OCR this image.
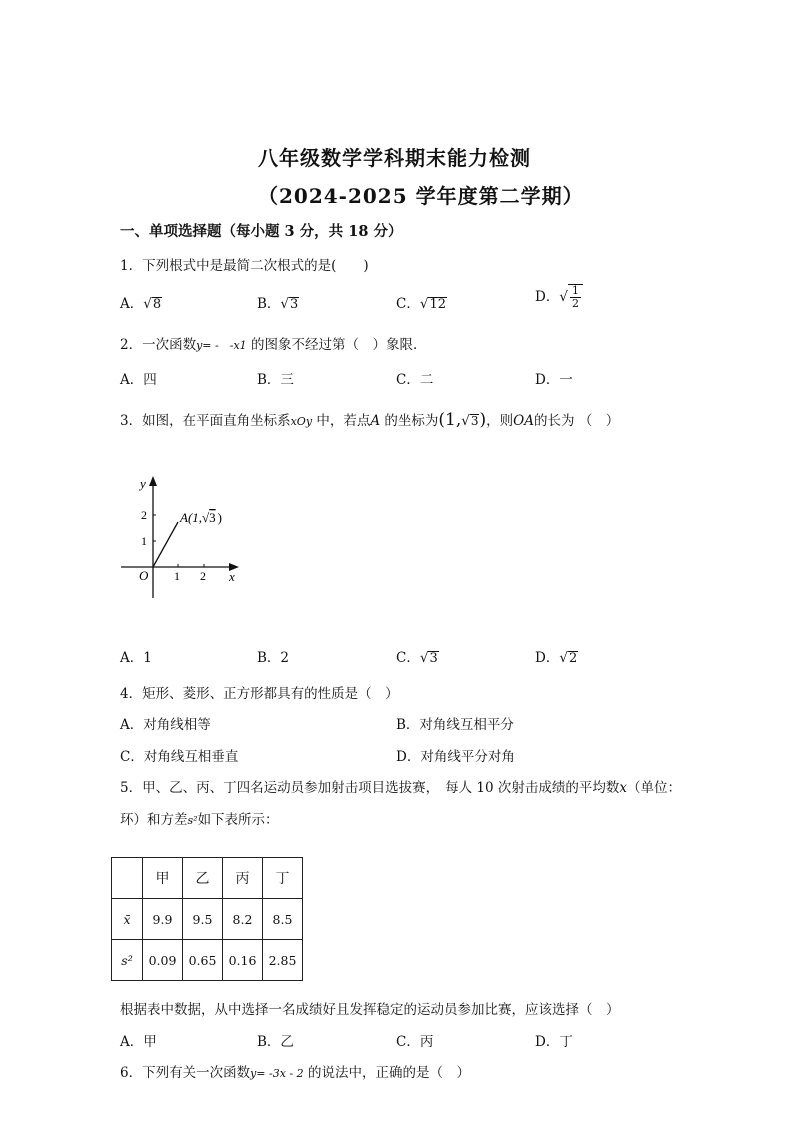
八年级数学学科期末能力检测
（2024-2025 学年度第二学期）
一、单项选择题（每小题 3 分，共 18 分）
1．下列根式中是最简二次根式的是(　　)
A．√8	B．√3	C．√12	D．√ $\frac{1}{2}$
2．一次函数y= -　-x1 的图象不经过第（　）象限．
A．四	B．三	C．二	D．一
3．如图，在平面直角坐标系xOy 中，若点A 的坐标为(1,√3)，则OA的长为 （　）
y
x
O 1 2
1
2	A(1,√3 )
A．1	B．2	C．√3	D．√2
4．矩形、菱形、正方形都具有的性质是（　）
A．对角线相等	B．对角线互相平分
C．对角线互相垂直	D．对角线平分对角
5．甲、乙、丙、丁四名运动员参加射击项目选拔赛， 每人 10 次射击成绩的平均数x（单位：
环）和方差s²如下表所示：
	甲	乙	丙	丁
x̄	9.9	9.5	8.2	8.5
s²	0.09	0.65	0.16	2.85
根据表中数据，从中选择一名成绩好且发挥稳定的运动员参加比赛，应该选择（　）
A．甲	B．乙	C．丙	D．丁
6．下列有关一次函数y= -3x - 2 的说法中，正确的是（　）
